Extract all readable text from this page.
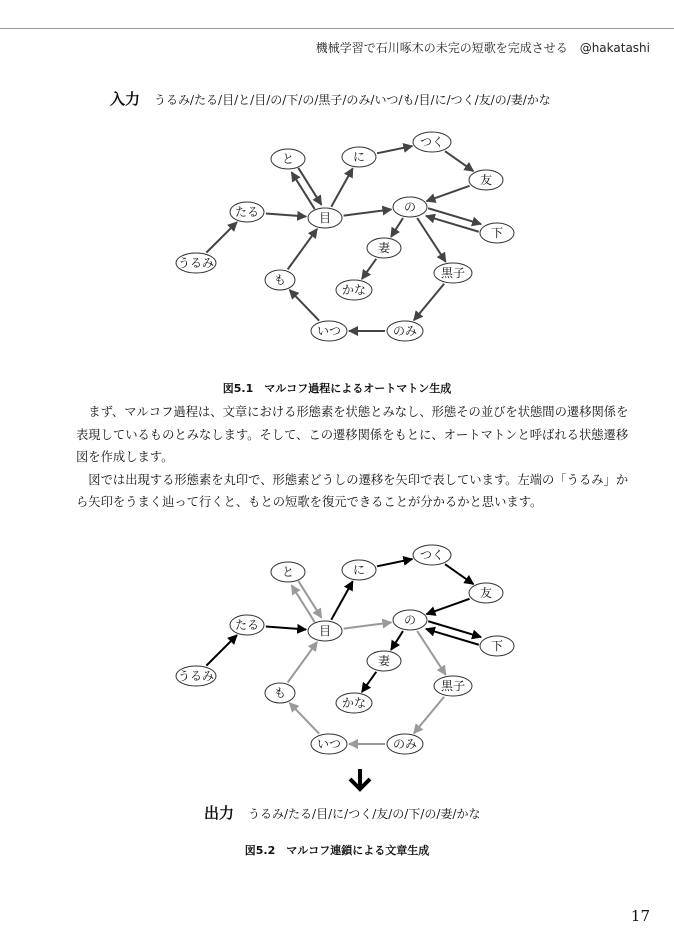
機械学習で石川啄木の未完の短歌を完成させる　@hakatashi
入力 うるみ/たる/目/と/目/の/下/の/黒子/のみ/いつ/も/目/に/つく/友/の/妻/かな
うるみ
たる	目
と	に
つく
友
の
下
妻
かな
黒子
のみ
いつ
も
図5.1　マルコフ過程によるオートマトン生成

まず、マルコフ過程は、文章における形態素を状態とみなし、形態その並びを状態間の遷移関係を表現しているものとみなします。そして、この遷移関係をもとに、オートマトンと呼ばれる状態遷移図を作成します。

図では出現する形態素を丸印で、形態素どうしの遷移を矢印で表しています。左端の「うるみ」から矢印をうまく辿って行くと、もとの短歌を復元できることが分かるかと思います。

うるみ
たる	目
と	に
つく
友
の
下
妻
かな
黒子
のみ
いつ
も
出力 うるみ/たる/目/に/つく/友/の/下/の/妻/かな
図5.2　マルコフ連鎖による文章生成
17
